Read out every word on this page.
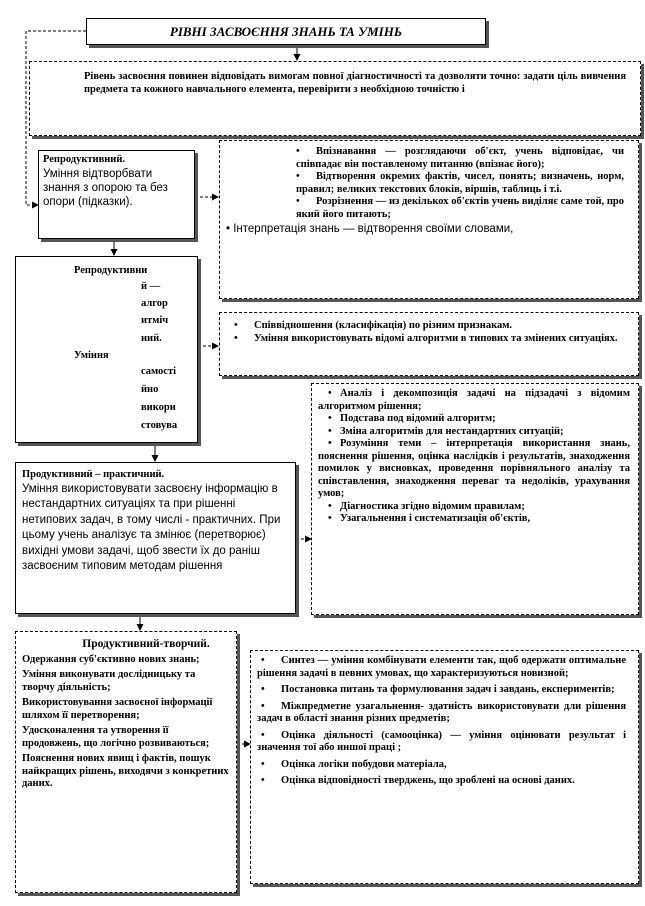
РІВНІ ЗАСВОЄННЯ ЗНАНЬ ТА УМІНЬ
Рівень засвоєння повинен відповідать вимогам повної діагностичності та дозволяти точно: задати ціль вивчення предмета та кожного навчального елемента, перевірити з необхідною точністю і
Репродуктивний.
Уміння відтворбвати знання з опорою та без опори (підказки).
• Впізнавання — розглядаючи об'єкт, учень відповідає, чи співпадає він поставленому питанню (впізнає його);
• Відтворення окремих фактів, чисел, понять; визначень, норм, правил; великих текстових блоків, віршів, таблиць і т.і.
• Розрізнення — из декількох об'єктів учень виділяє саме той, про який його питають;
• Інтерпретація знань — відтворення своїми словами,
Репродуктивни
й —
алгор
итміч
ний.
Уміння
самості
йно
викори
стовува
• Співвідношення (класифікація) по різним признакам.
• Уміння використовувать відомі алгоритми в типових та змінених ситуаціях.
Продуктивний – практичний.
Уміння використовувати засвоєну інформацію в нестандартних ситуаціях та при рішенні нетипових задач, в тому числі - практичних. При цьому учень аналізує та змінює (перетворює) вихідні умови задачі, щоб звести їх до раніш засвоєним типовим методам рішення
• Аналіз і декомпозиція задачі на підзадачі з відомим алгоритмом рішення;
• Подстава под відомий алгоритм;
• Зміна алгоритмів для нестандартних ситуацій;
• Розуміння теми – інтерпретація використання знань, пояснення рішення, оцінка наслідків і результатів, знаходження помилок у висновках, проведення порівняльного аналізу та співставлення, знаходження переваг та недоліків, урахування умов;
• Діагностика згідно відомим правилам;
• Узагальнення і систематизація об'єктів,
Продуктивний-творчий.
Одержання суб'єктивно нових знань;
Уміння виконувати дослідницьку та творчу діяльність;
Використовування засвоєної інформації шляхом її перетворення;
Удосконалення та утворення її продовжень, що логічно розвиваються;
Пояснення нових явищ і фактів, пошук найкращих рішень, виходячи з конкретних даних.
• Синтез — уміння комбінувати елементи так, щоб одержати оптимальне рішення задачі в певних умовах, що характеризуються новизной;
• Постановка питань та формулювання задач і завдань, експериментів;
• Міжпредметне узагальнення- здатність використовувати дли рішення задач в області знання різних предметів;
• Оцінка діяльності (самооцінка) — уміння оцінювати результат і значення тої або иншої праці ;
• Оцінка логіки побудови матеріала,
• Оцінка відповідності тверджень, що зроблені на основі даних.
